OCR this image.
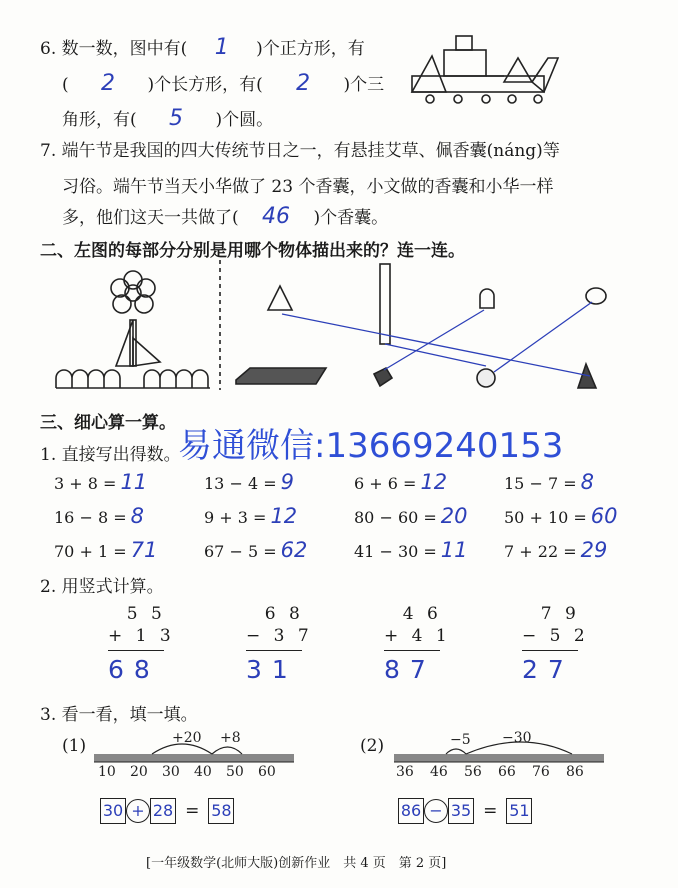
6. 数一数，图中有( 1 )个正方形，有
( 2 )个长方形，有( 2 )个三
角形，有( 5 )个圆。
7. 端午节是我国的四大传统节日之一，有悬挂艾草、佩香囊(náng)等
习俗。端午节当天小华做了 23 个香囊，小文做的香囊和小华一样
多，他们这天一共做了( 46 )个香囊。
二、左图的每部分分别是用哪个物体描出来的？连一连。
三、细心算一算。
易通微信:13669240153
1. 直接写出得数。
3 + 8 = 11	13 − 4 = 9	6 + 6 = 12	15 − 7 = 8
16 − 8 = 8	9 + 3 = 12	80 − 60 = 20 50 + 10 = 60
70 + 1 = 71	67 − 5 = 62	41 − 30 = 11 7 + 22 = 29
2. 用竖式计算。
5 5
+ 1 3
68
6 8
− 3 7
31
4 6
+ 4 1
87
7 9
− 5 2
27
3. 看一看，填一填。
(1)	+20 +8
10 20 30 40 50 60
30 + 28 = 58
(2)	−5 −30
36 46 56 66 76 86
86 − 35 = 51
[一年级数学(北师大版)创新作业　共 4 页　第 2 页]
